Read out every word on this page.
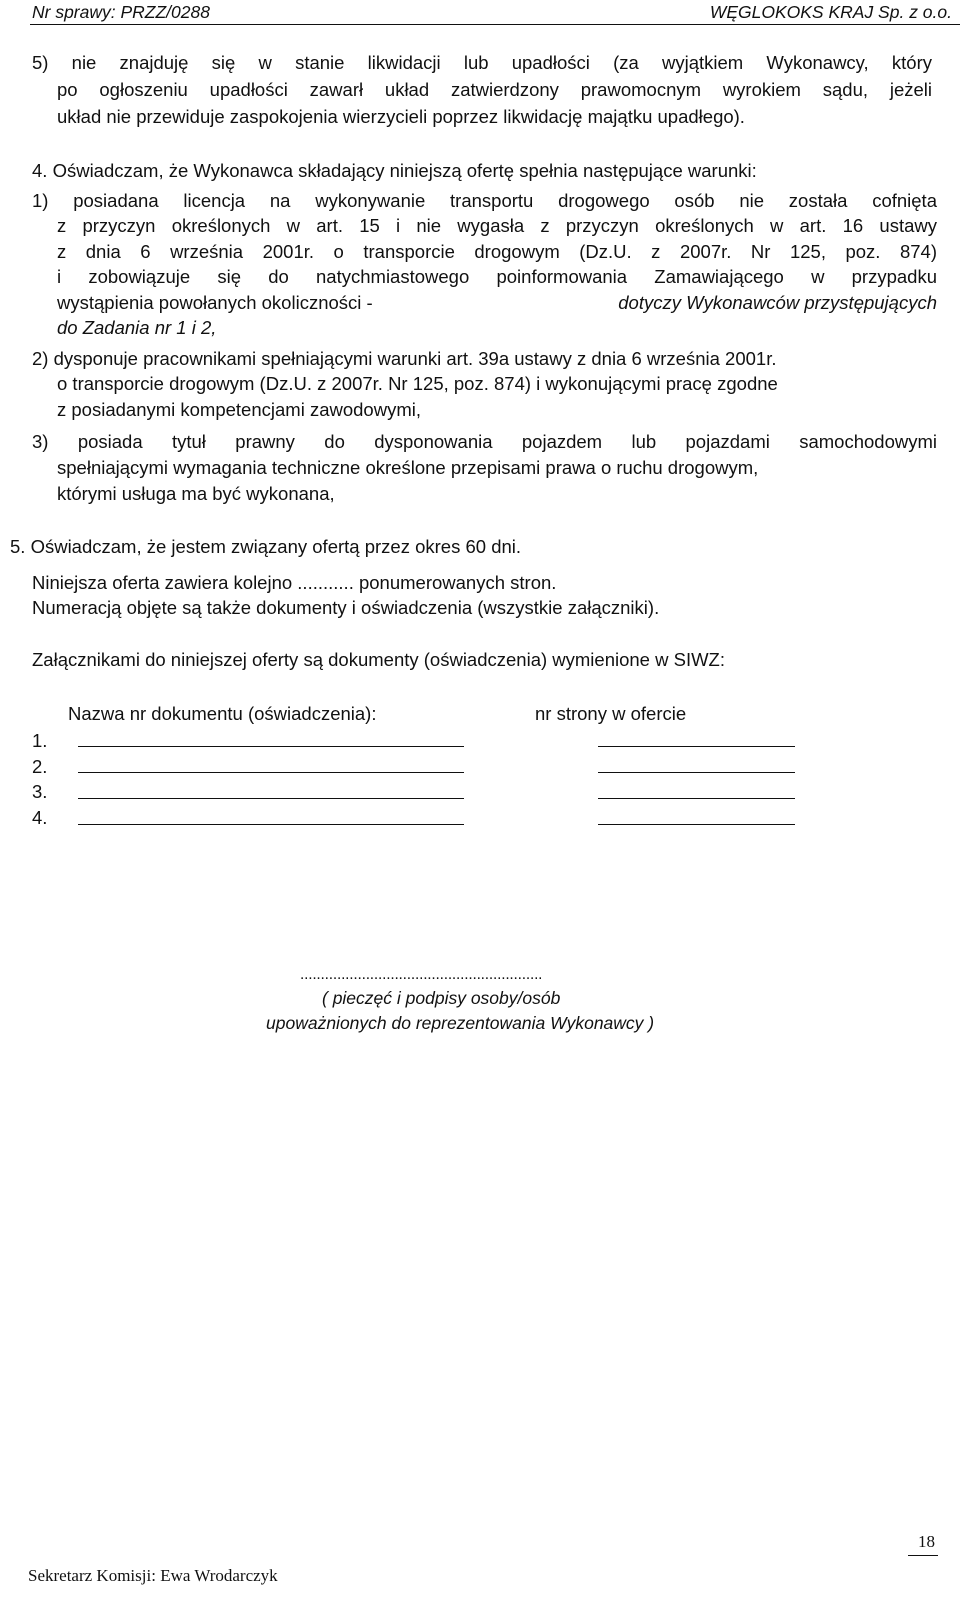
Nr sprawy: PRZZ/0288	WĘGLOKOKS KRAJ Sp. z o.o.
5) nie znajduję się w stanie likwidacji lub upadłości (za wyjątkiem Wykonawcy, który
po ogłoszeniu upadłości zawarł układ zatwierdzony prawomocnym wyrokiem sądu, jeżeli
układ nie przewiduje zaspokojenia wierzycieli poprzez likwidację majątku upadłego).
4. Oświadczam, że Wykonawca składający niniejszą ofertę spełnia następujące warunki:
1) posiadana licencja na wykonywanie transportu drogowego osób nie została cofnięta
z przyczyn określonych w art. 15 i nie wygasła z przyczyn określonych w art. 16 ustawy
z dnia 6 września 2001r. o transporcie drogowym (Dz.U. z 2007r. Nr 125, poz. 874)
i zobowiązuje się do natychmiastowego poinformowania Zamawiającego w przypadku
wystąpienia powołanych okoliczności -	dotyczy Wykonawców przystępujących
do Zadania nr 1 i 2,
2) dysponuje pracownikami spełniającymi warunki art. 39a ustawy z dnia 6 września 2001r.
o transporcie drogowym (Dz.U. z 2007r. Nr 125, poz. 874) i wykonującymi pracę zgodne
z posiadanymi kompetencjami zawodowymi,
3) posiada tytuł prawny do dysponowania pojazdem lub pojazdami samochodowymi
spełniającymi wymagania techniczne określone przepisami prawa o ruchu drogowym,
którymi usługa ma być wykonana,
5. Oświadczam, że jestem związany ofertą przez okres 60 dni.
Niniejsza oferta zawiera kolejno ........... ponumerowanych stron.
Numeracją objęte są także dokumenty i oświadczenia (wszystkie załączniki).
Załącznikami do niniejszej oferty są dokumenty (oświadczenia) wymienione w SIWZ:
Nazwa nr dokumentu (oświadczenia):	nr strony w ofercie
1.
2.
3.
4.
...........................................................
( pieczęć i podpisy osoby/osób
upoważnionych do reprezentowania Wykonawcy )
18
Sekretarz Komisji: Ewa Wrodarczyk
